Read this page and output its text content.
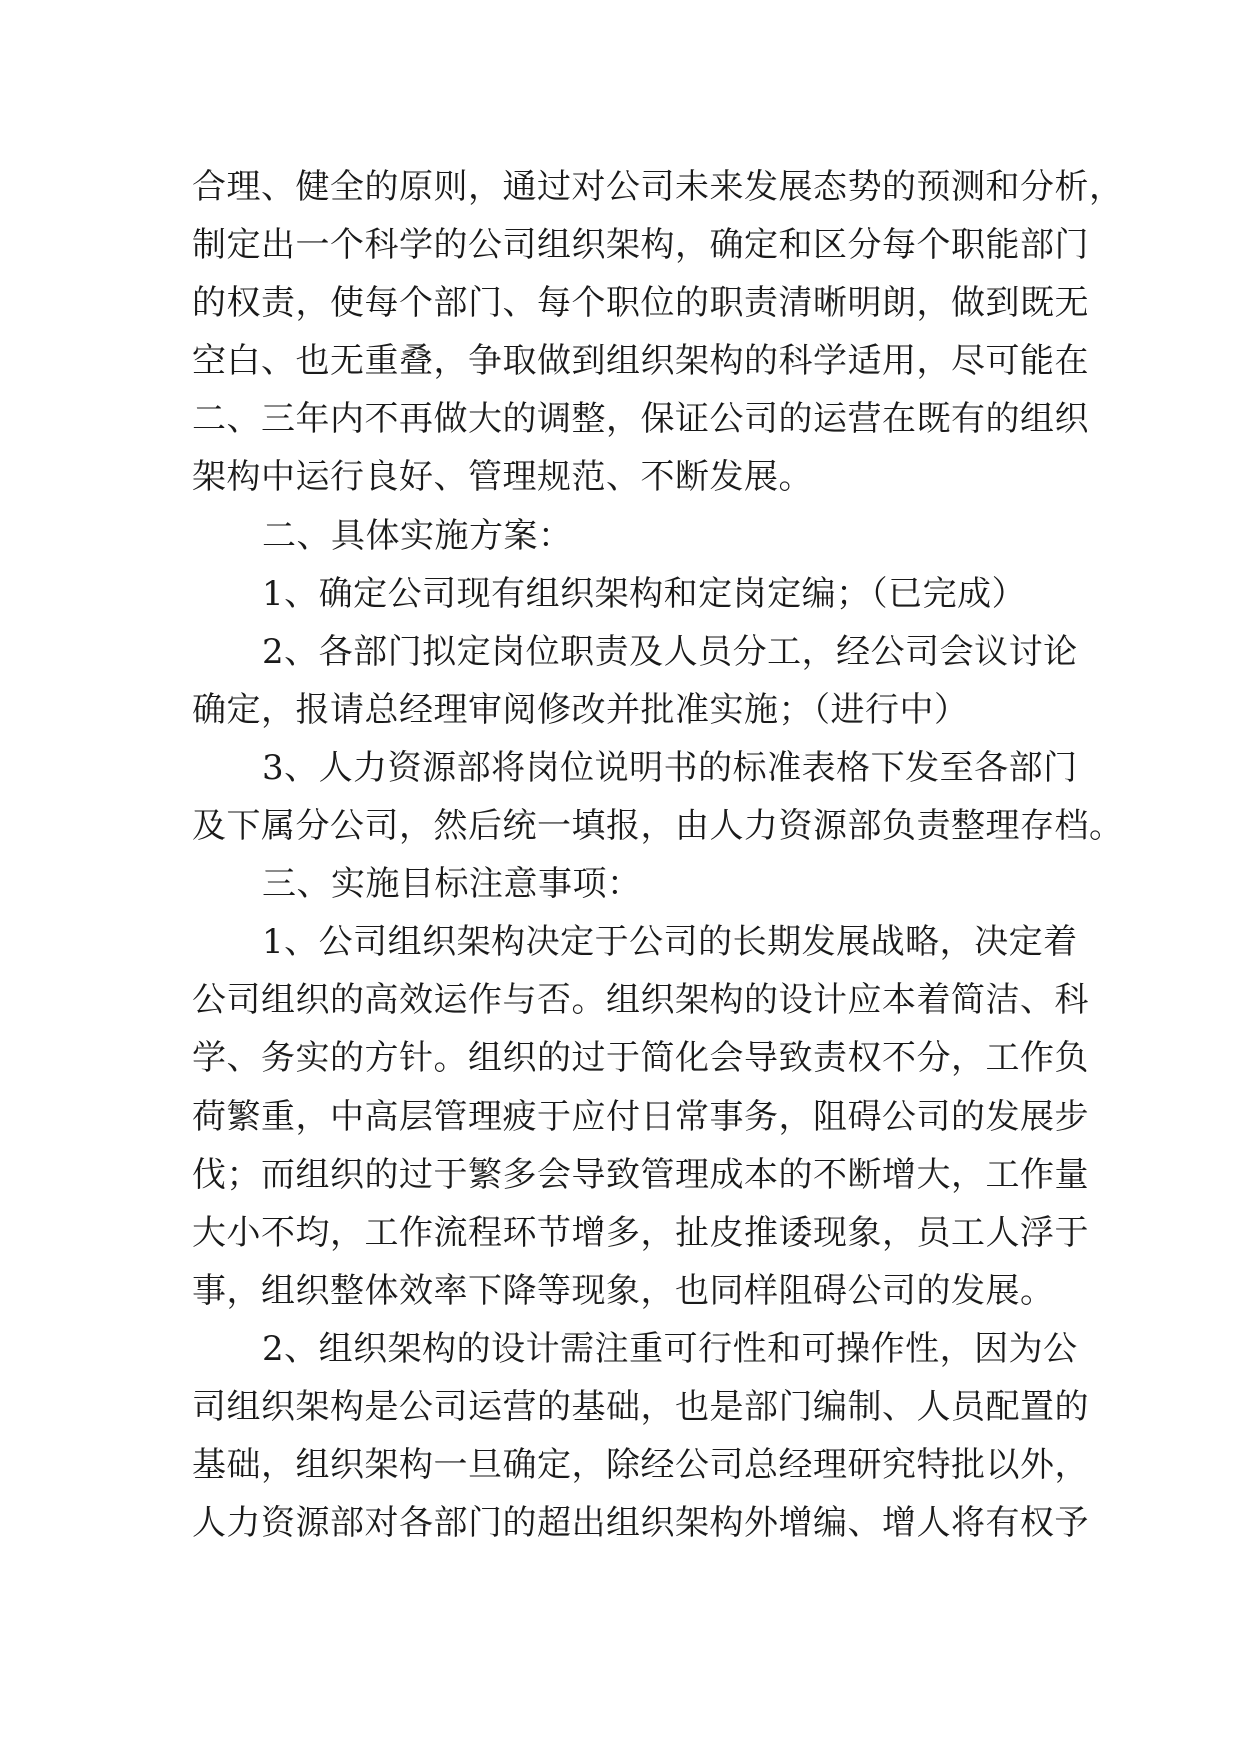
合理、健全的原则，通过对公司未来发展态势的预测和分析，
制定出一个科学的公司组织架构，确定和区分每个职能部门
的权责，使每个部门、每个职位的职责清晰明朗，做到既无
空白、也无重叠，争取做到组织架构的科学适用，尽可能在
二、三年内不再做大的调整，保证公司的运营在既有的组织
架构中运行良好、管理规范、不断发展。
二、具体实施方案：
1、确定公司现有组织架构和定岗定编；（已完成）
2、各部门拟定岗位职责及人员分工，经公司会议讨论
确定，报请总经理审阅修改并批准实施；（进行中）
3、人力资源部将岗位说明书的标准表格下发至各部门
及下属分公司，然后统一填报，由人力资源部负责整理存档。
三、实施目标注意事项：
1、公司组织架构决定于公司的长期发展战略，决定着
公司组织的高效运作与否。组织架构的设计应本着简洁、科
学、务实的方针。组织的过于简化会导致责权不分，工作负
荷繁重，中高层管理疲于应付日常事务，阻碍公司的发展步
伐；而组织的过于繁多会导致管理成本的不断增大，工作量
大小不均，工作流程环节增多，扯皮推诿现象，员工人浮于
事，组织整体效率下降等现象，也同样阻碍公司的发展。
2、组织架构的设计需注重可行性和可操作性，因为公
司组织架构是公司运营的基础，也是部门编制、人员配置的
基础，组织架构一旦确定，除经公司总经理研究特批以外，
人力资源部对各部门的超出组织架构外增编、增人将有权予
